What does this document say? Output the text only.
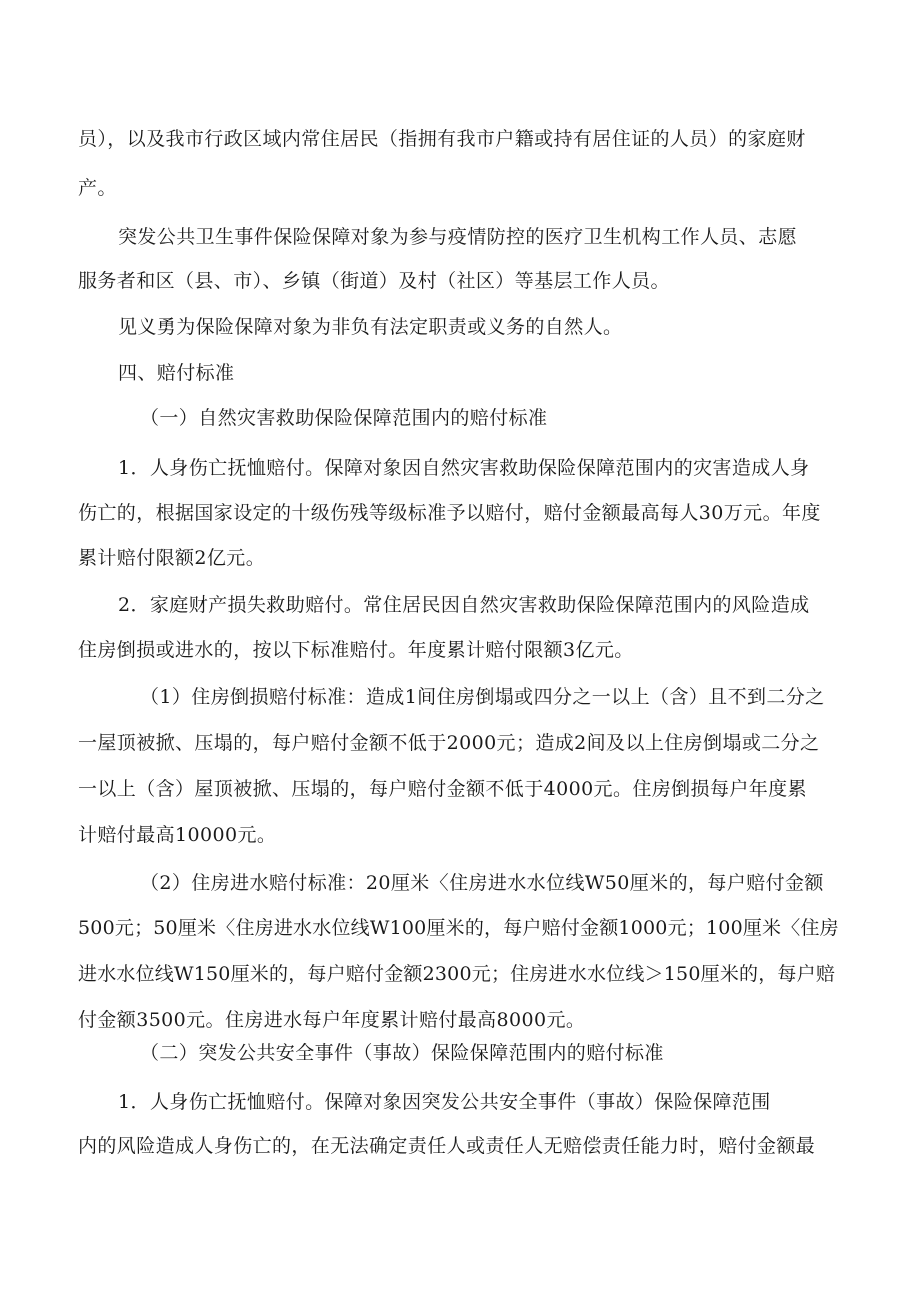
员），以及我市行政区域内常住居民（指拥有我市户籍或持有居住证的人员）的家庭财
产。
突发公共卫生事件保险保障对象为参与疫情防控的医疗卫生机构工作人员、志愿
服务者和区（县、市）、乡镇（街道）及村（社区）等基层工作人员。
见义勇为保险保障对象为非负有法定职责或义务的自然人。
四、赔付标准
（一）自然灾害救助保险保障范围内的赔付标准
1．人身伤亡抚恤赔付。保障对象因自然灾害救助保险保障范围内的灾害造成人身
伤亡的，根据国家设定的十级伤残等级标准予以赔付，赔付金额最高每人30万元。年度
累计赔付限额2亿元。
2．家庭财产损失救助赔付。常住居民因自然灾害救助保险保障范围内的风险造成
住房倒损或进水的，按以下标准赔付。年度累计赔付限额3亿元。
（1）住房倒损赔付标准：造成1间住房倒塌或四分之一以上（含）且不到二分之
一屋顶被掀、压塌的，每户赔付金额不低于2000元；造成2间及以上住房倒塌或二分之
一以上（含）屋顶被掀、压塌的，每户赔付金额不低于4000元。住房倒损每户年度累
计赔付最高10000元。
（2）住房进水赔付标准：20厘米〈住房进水水位线W50厘米的，每户赔付金额
500元；50厘米〈住房进水水位线W100厘米的，每户赔付金额1000元；100厘米〈住房
进水水位线W150厘米的，每户赔付金额2300元；住房进水水位线＞150厘米的，每户赔
付金额3500元。住房进水每户年度累计赔付最高8000元。
（二）突发公共安全事件（事故）保险保障范围内的赔付标准
1．人身伤亡抚恤赔付。保障对象因突发公共安全事件（事故）保险保障范围
内的风险造成人身伤亡的，在无法确定责任人或责任人无赔偿责任能力时，赔付金额最
